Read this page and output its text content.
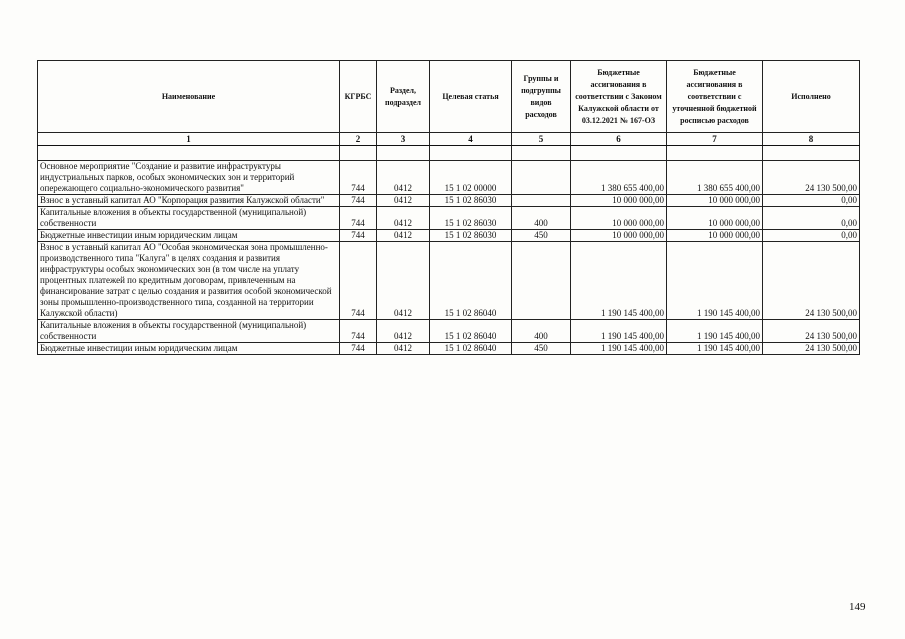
Наименование	КГРБС	Раздел, подраздел	Целевая статья	Группы и подгруппы видов расходов	Бюджетные ассигнования в соответствии с Законом Калужской области от 03.12.2021 № 167-ОЗ	Бюджетные ассигнования в соответствии с уточненной бюджетной росписью расходов	Исполнено
1	2	3	4	5	6	7	8

Основное мероприятие "Создание и развитие инфраструктуры индустриальных парков, особых экономических зон и территорий опережающего социально-экономического развития"	744	0412	15 1 02 00000		1 380 655 400,00	1 380 655 400,00	24 130 500,00
Взнос в уставный капитал АО "Корпорация развития Калужской области"	744	0412	15 1 02 86030		10 000 000,00	10 000 000,00	0,00
Капитальные вложения в объекты государственной (муниципальной) собственности	744	0412	15 1 02 86030	400	10 000 000,00	10 000 000,00	0,00
Бюджетные инвестиции иным юридическим лицам	744	0412	15 1 02 86030	450	10 000 000,00	10 000 000,00	0,00
Взнос в уставный капитал АО "Особая экономическая зона промышленно-производственного типа "Калуга" в целях создания и развития инфраструктуры особых экономических зон (в том числе на уплату процентных платежей по кредитным договорам, привлеченным на финансирование затрат с целью создания и развития особой экономической зоны промышленно-производственного типа, созданной на территории Калужской области)	744	0412	15 1 02 86040		1 190 145 400,00	1 190 145 400,00	24 130 500,00
Капитальные вложения в объекты государственной (муниципальной) собственности	744	0412	15 1 02 86040	400	1 190 145 400,00	1 190 145 400,00	24 130 500,00
Бюджетные инвестиции иным юридическим лицам	744	0412	15 1 02 86040	450	1 190 145 400,00	1 190 145 400,00	24 130 500,00
149
